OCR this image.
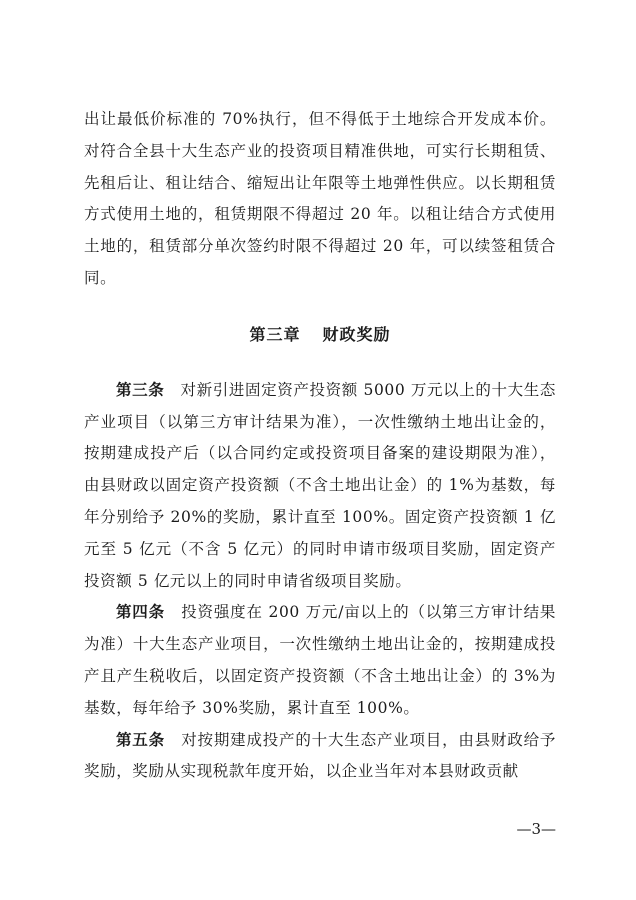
出让最低价标准的 70%执行，但不得低于土地综合开发成本价。对符合全县十大生态产业的投资项目精准供地，可实行长期租赁、先租后让、租让结合、缩短出让年限等土地弹性供应。以长期租赁方式使用土地的，租赁期限不得超过 20 年。以租让结合方式使用土地的，租赁部分单次签约时限不得超过 20 年，可以续签租赁合同。

第三章 财政奖励

第三条　 对新引进固定资产投资额 5000 万元以上的十大生态产业项目（以第三方审计结果为准），一次性缴纳土地出让金的，按期建成投产后（以合同约定或投资项目备案的建设期限为准），由县财政以固定资产投资额（不含土地出让金）的 1%为基数，每年分别给予 20%的奖励，累计直至 100%。固定资产投资额 1 亿元至 5 亿元（不含 5 亿元）的同时申请市级项目奖励，固定资产投资额 5 亿元以上的同时申请省级项目奖励。

第四条　 投资强度在 200 万元/亩以上的（以第三方审计结果为准）十大生态产业项目，一次性缴纳土地出让金的，按期建成投产且产生税收后，以固定资产投资额（不含土地出让金）的 3%为基数，每年给予 30%奖励，累计直至 100%。

第五条　 对按期建成投产的十大生态产业项目，由县财政给予奖励，奖励从实现税款年度开始，以企业当年对本县财政贡献

—3—
